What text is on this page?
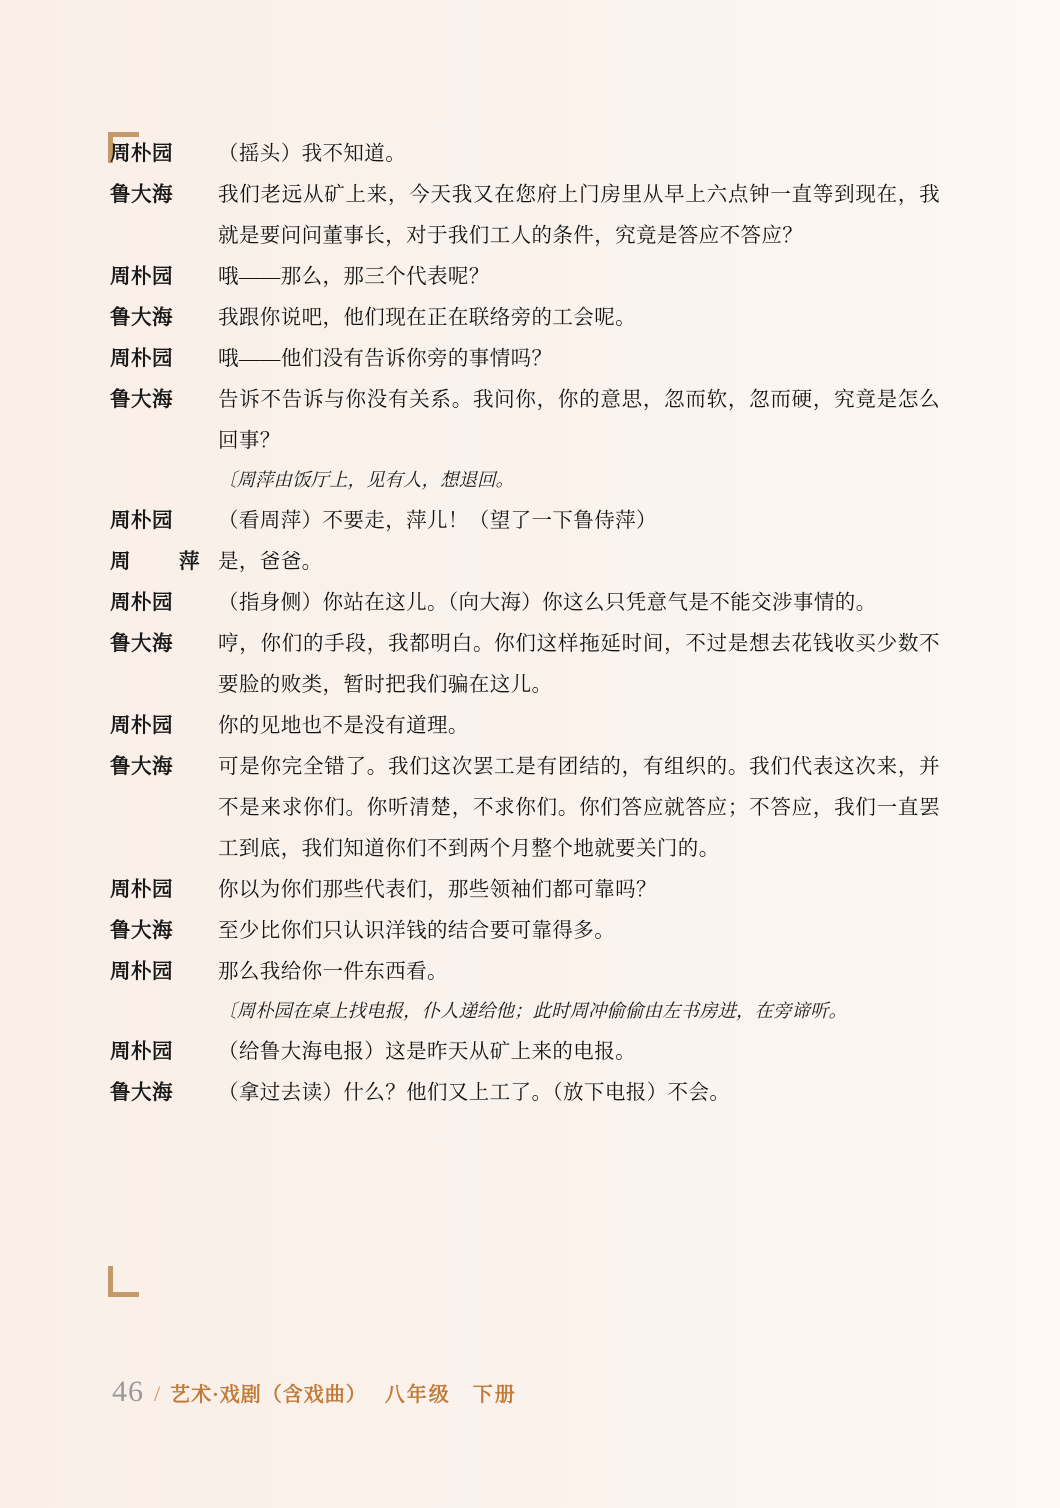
周朴园	（摇头）我不知道。
鲁大海	我们老远从矿上来，今天我又在您府上门房里从早上六点钟一直等到现在，我就是要问问董事长，对于我们工人的条件，究竟是答应不答应？
周朴园	哦——那么，那三个代表呢？
鲁大海	我跟你说吧，他们现在正在联络旁的工会呢。
周朴园	哦——他们没有告诉你旁的事情吗？
鲁大海	告诉不告诉与你没有关系。我问你，你的意思，忽而软，忽而硬，究竟是怎么回事？
	〔周萍由饭厅上，见有人，想退回。
周朴园	（看周萍）不要走，萍儿！（望了一下鲁侍萍）
周　萍	是，爸爸。
周朴园	（指身侧）你站在这儿。（向大海）你这么只凭意气是不能交涉事情的。
鲁大海	哼，你们的手段，我都明白。你们这样拖延时间，不过是想去花钱收买少数不要脸的败类，暂时把我们骗在这儿。
周朴园	你的见地也不是没有道理。
鲁大海	可是你完全错了。我们这次罢工是有团结的，有组织的。我们代表这次来，并不是来求你们。你听清楚，不求你们。你们答应就答应；不答应，我们一直罢工到底，我们知道你们不到两个月整个地就要关门的。
周朴园	你以为你们那些代表们，那些领袖们都可靠吗？
鲁大海	至少比你们只认识洋钱的结合要可靠得多。
周朴园	那么我给你一件东西看。
	〔周朴园在桌上找电报，仆人递给他；此时周冲偷偷由左书房进，在旁谛听。
周朴园	（给鲁大海电报）这是昨天从矿上来的电报。
鲁大海	（拿过去读）什么？他们又上工了。（放下电报）不会。
46 / 艺术·戏剧（含戏曲） 八年级 下册
